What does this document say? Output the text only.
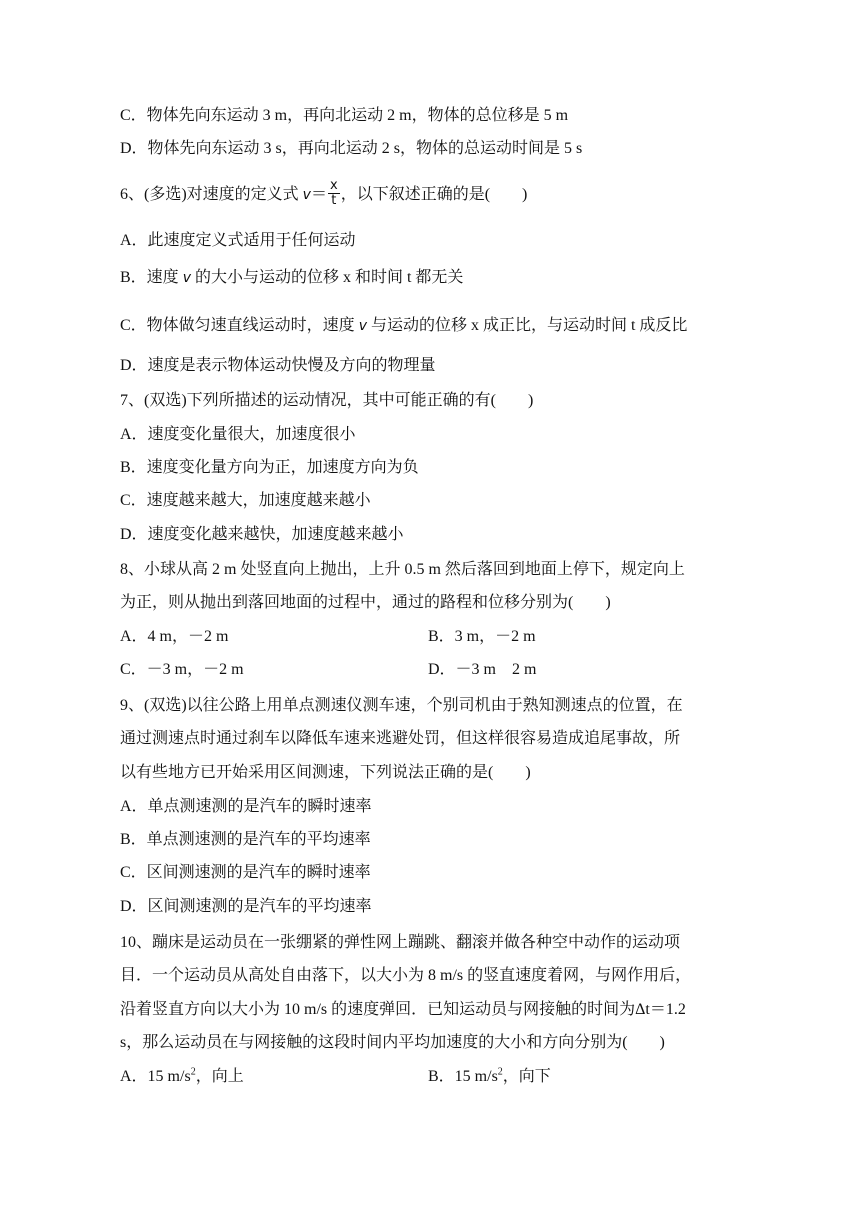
C．物体先向东运动 3 m，再向北运动 2 m，物体的总位移是 5 m
D．物体先向东运动 3 s，再向北运动 2 s，物体的总运动时间是 5 s
6、(多选)对速度的定义式 $v= \frac{x}{t}$ ，以下叙述正确的是(　　)
A．此速度定义式适用于任何运动
B．速度 v 的大小与运动的位移 x 和时间 t 都无关
C．物体做匀速直线运动时，速度 v 与运动的位移 x 成正比，与运动时间 t 成反比
D．速度是表示物体运动快慢及方向的物理量
7、(双选)下列所描述的运动情况，其中可能正确的有(　　)
A．速度变化量很大，加速度很小
B．速度变化量方向为正，加速度方向为负
C．速度越来越大，加速度越来越小
D．速度变化越来越快，加速度越来越小
8、小球从高 2 m 处竖直向上抛出，上升 0.5 m 然后落回到地面上停下，规定向上
为正，则从抛出到落回地面的过程中，通过的路程和位移分别为(　　)
A．4 m，－2 m	B．3 m，－2 m
C．－3 m，－2 m	D．－3 m　2 m
9、(双选)以往公路上用单点测速仪测车速，个别司机由于熟知测速点的位置，在
通过测速点时通过刹车以降低车速来逃避处罚，但这样很容易造成追尾事故，所
以有些地方已开始采用区间测速，下列说法正确的是(　　)
A．单点测速测的是汽车的瞬时速率
B．单点测速测的是汽车的平均速率
C．区间测速测的是汽车的瞬时速率
D．区间测速测的是汽车的平均速率
10、蹦床是运动员在一张绷紧的弹性网上蹦跳、翻滚并做各种空中动作的运动项
目．一个运动员从高处自由落下，以大小为 8 m/s 的竖直速度着网，与网作用后，
沿着竖直方向以大小为 10 m/s 的速度弹回．已知运动员与网接触的时间为Δt＝1.2
s，那么运动员在与网接触的这段时间内平均加速度的大小和方向分别为(　　)
A．15 $m/s^2$，向上	B．15 $m/s^2$，向下
